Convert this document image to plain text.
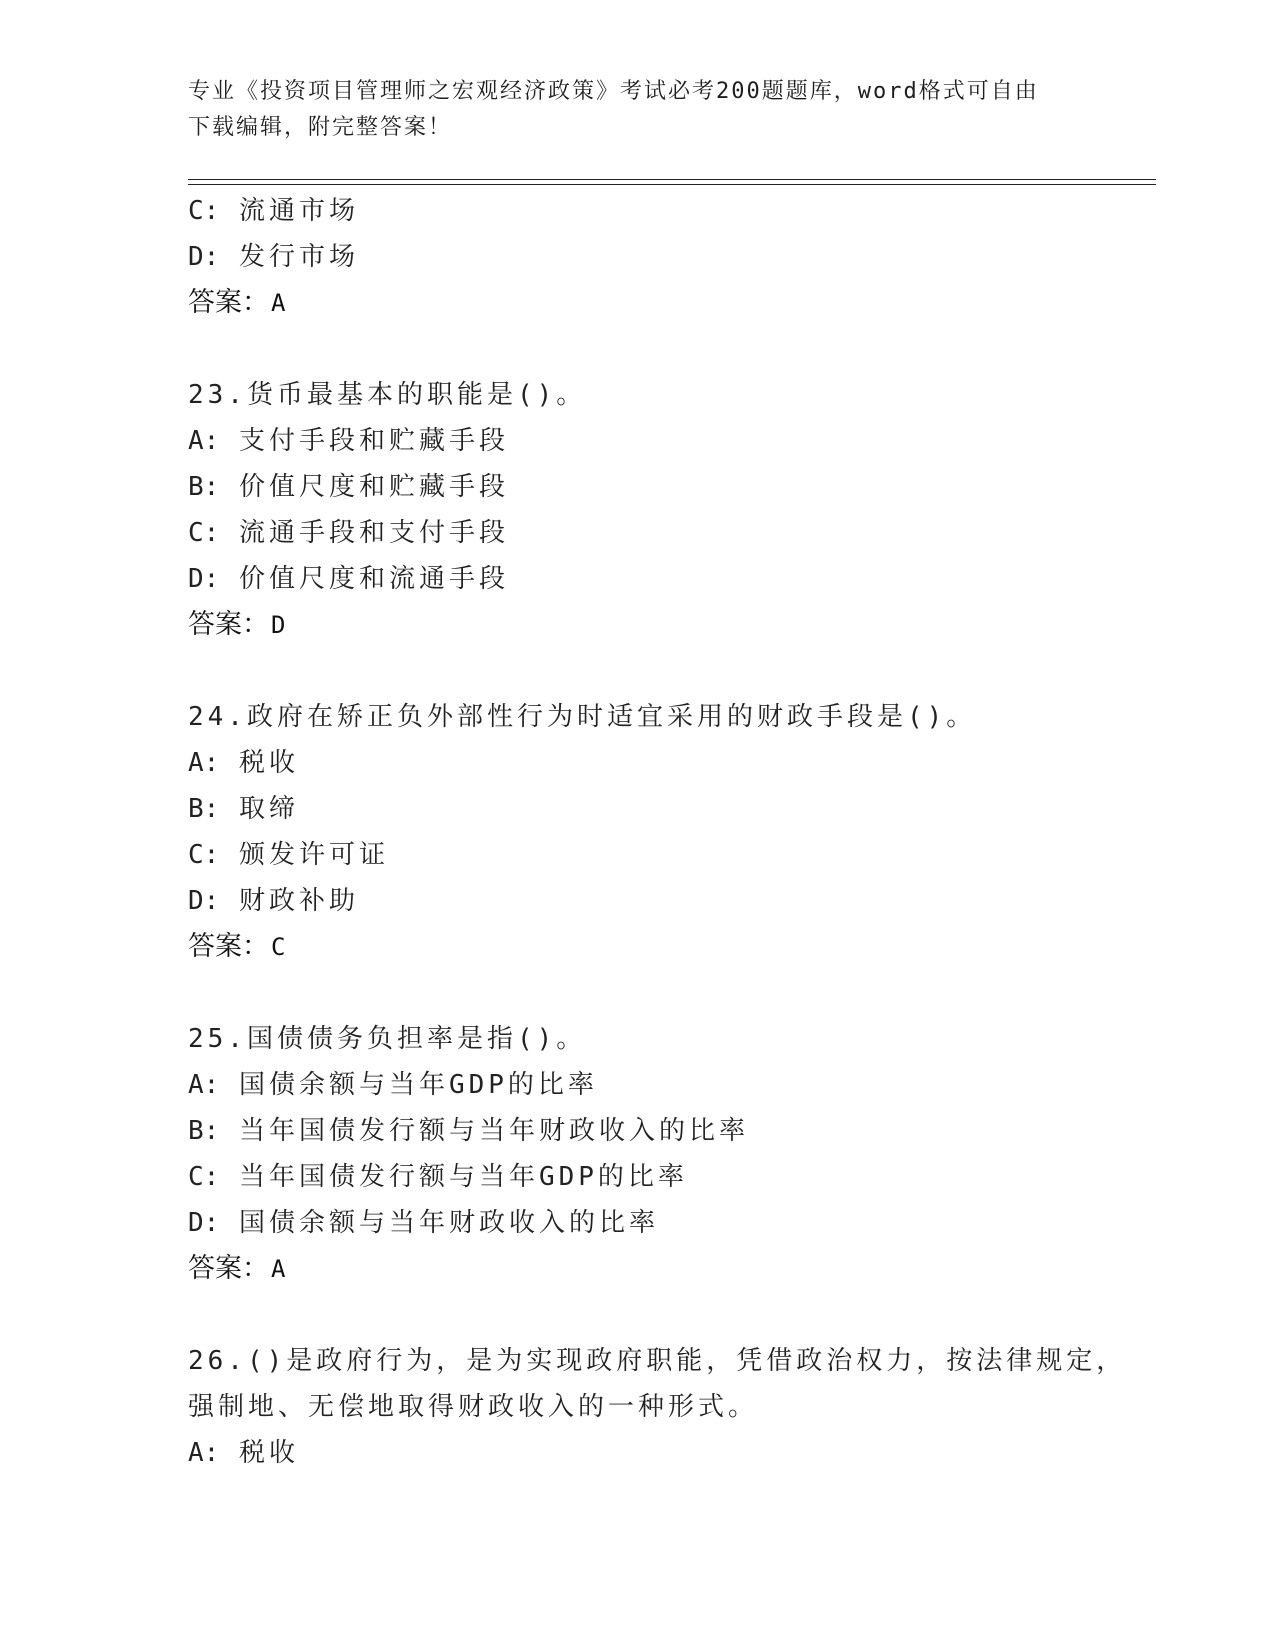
专业《投资项目管理师之宏观经济政策》考试必考200题题库，word格式可自由
下载编辑，附完整答案！
C: 流通市场
D: 发行市场
答案：A
23.货币最基本的职能是()。
A: 支付手段和贮藏手段
B: 价值尺度和贮藏手段
C: 流通手段和支付手段
D: 价值尺度和流通手段
答案：D
24.政府在矫正负外部性行为时适宜采用的财政手段是()。
A: 税收
B: 取缔
C: 颁发许可证
D: 财政补助
答案：C
25.国债债务负担率是指()。
A: 国债余额与当年GDP的比率
B: 当年国债发行额与当年财政收入的比率
C: 当年国债发行额与当年GDP的比率
D: 国债余额与当年财政收入的比率
答案：A
26.()是政府行为，是为实现政府职能，凭借政治权力，按法律规定，
强制地、无偿地取得财政收入的一种形式。
A: 税收
